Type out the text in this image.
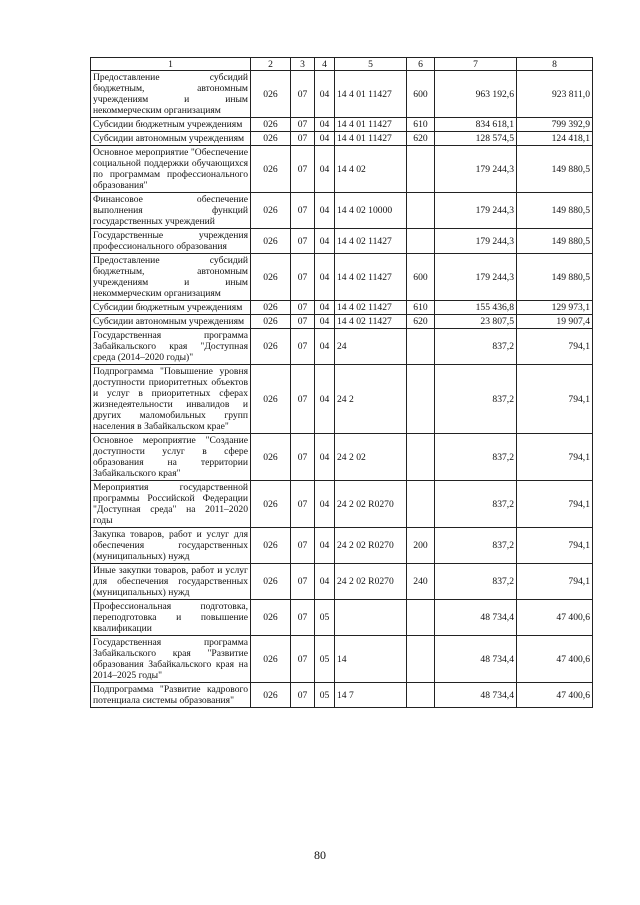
1	2	3	4	5	6	7	8
Предоставление субсидий бюджетным, автономным учреждениям и иным некоммерческим организациям	026	07	04	14 4 01 11427	600	963 192,6	923 811,0
Субсидии бюджетным учреждениям	026	07	04	14 4 01 11427	610	834 618,1	799 392,9
Субсидии автономным учреждениям	026	07	04	14 4 01 11427	620	128 574,5	124 418,1
Основное мероприятие "Обеспечение социальной поддержки обучающихся по программам профессионального образования"	026	07	04	14 4 02		179 244,3	149 880,5
Финансовое обеспечение выполнения функций государственных учреждений	026	07	04	14 4 02 10000		179 244,3	149 880,5
Государственные учреждения профессионального образования	026	07	04	14 4 02 11427		179 244,3	149 880,5
Предоставление субсидий бюджетным, автономным учреждениям и иным некоммерческим организациям	026	07	04	14 4 02 11427	600	179 244,3	149 880,5
Субсидии бюджетным учреждениям	026	07	04	14 4 02 11427	610	155 436,8	129 973,1
Субсидии автономным учреждениям	026	07	04	14 4 02 11427	620	23 807,5	19 907,4
Государственная программа Забайкальского края "Доступная среда (2014–2020 годы)"	026	07	04	24		837,2	794,1
Подпрограмма "Повышение уровня доступности приоритетных объектов и услуг в приоритетных сферах жизнедеятельности инвалидов и других маломобильных групп населения в Забайкальском крае"	026	07	04	24 2		837,2	794,1
Основное мероприятие "Создание доступности услуг в сфере образования на территории Забайкальского края"	026	07	04	24 2 02		837,2	794,1
Мероприятия государственной программы Российской Федерации "Доступная среда" на 2011–2020 годы	026	07	04	24 2 02 R0270		837,2	794,1
Закупка товаров, работ и услуг для обеспечения государственных (муниципальных) нужд	026	07	04	24 2 02 R0270	200	837,2	794,1
Иные закупки товаров, работ и услуг для обеспечения государственных (муниципальных) нужд	026	07	04	24 2 02 R0270	240	837,2	794,1
Профессиональная подготовка, переподготовка и повышение квалификации	026	07	05			48 734,4	47 400,6
Государственная программа Забайкальского края "Развитие образования Забайкальского края на 2014–2025 годы"	026	07	05	14		48 734,4	47 400,6
Подпрограмма "Развитие кадрового потенциала системы образования"	026	07	05	14 7		48 734,4	47 400,6
80
